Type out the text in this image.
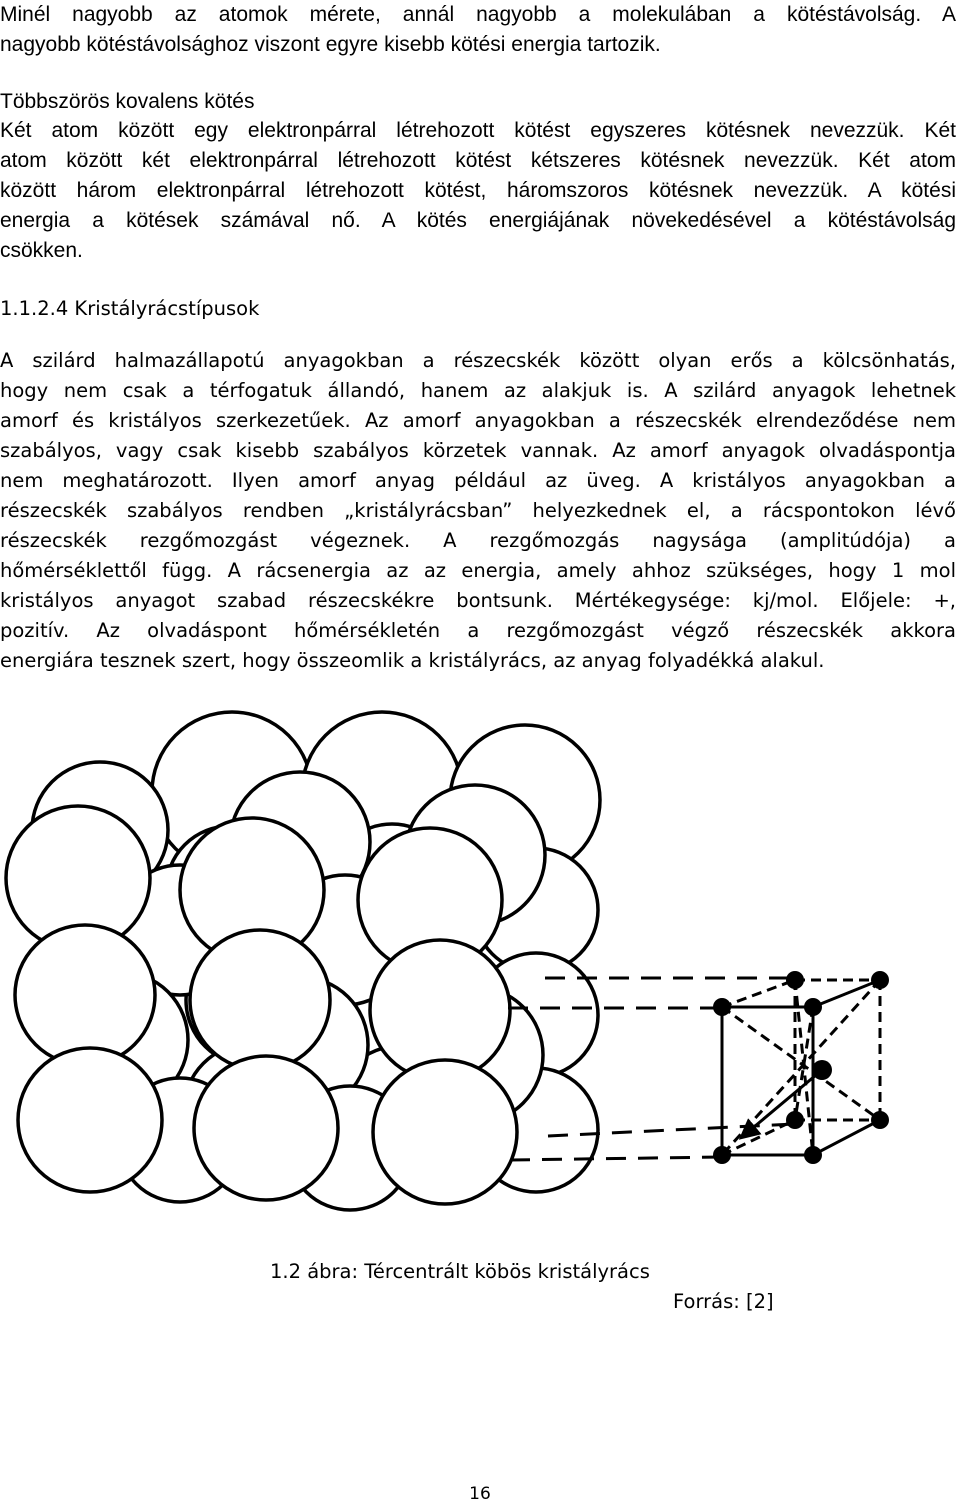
Minél nagyobb az atomok mérete, annál nagyobb a molekulában a kötéstávolság. A
nagyobb kötéstávolsághoz viszont egyre kisebb kötési energia tartozik.
Többszörös kovalens kötés
Két atom között egy elektronpárral létrehozott kötést egyszeres kötésnek nevezzük. Két
atom között két elektronpárral létrehozott kötést kétszeres kötésnek nevezzük. Két atom
között három elektronpárral létrehozott kötést, háromszoros kötésnek nevezzük. A kötési
energia a kötések számával nő. A kötés energiájának növekedésével a kötéstávolság
csökken.
1.1.2.4 Kristályrácstípusok
A szilárd halmazállapotú anyagokban a részecskék között olyan erős a kölcsönhatás,
hogy nem csak a térfogatuk állandó, hanem az alakjuk is. A szilárd anyagok lehetnek
amorf és kristályos szerkezetűek. Az amorf anyagokban a részecskék elrendeződése nem
szabályos, vagy csak kisebb szabályos körzetek vannak. Az amorf anyagok olvadáspontja
nem meghatározott. Ilyen amorf anyag például az üveg. A kristályos anyagokban a
részecskék szabályos rendben „kristályrácsban” helyezkednek el, a rácspontokon lévő
részecskék rezgőmozgást végeznek. A rezgőmozgás nagysága (amplitúdója) a
hőmérséklettől függ. A rácsenergia az az energia, amely ahhoz szükséges, hogy 1 mol
kristályos anyagot szabad részecskékre bontsunk. Mértékegysége: kj/mol. Előjele: +,
pozitív. Az olvadáspont hőmérsékletén a rezgőmozgást végző részecskék akkora
energiára tesznek szert, hogy összeomlik a kristályrács, az anyag folyadékká alakul.
1.2 ábra: Tércentrált köbös kristályrács
Forrás: [2]
16
